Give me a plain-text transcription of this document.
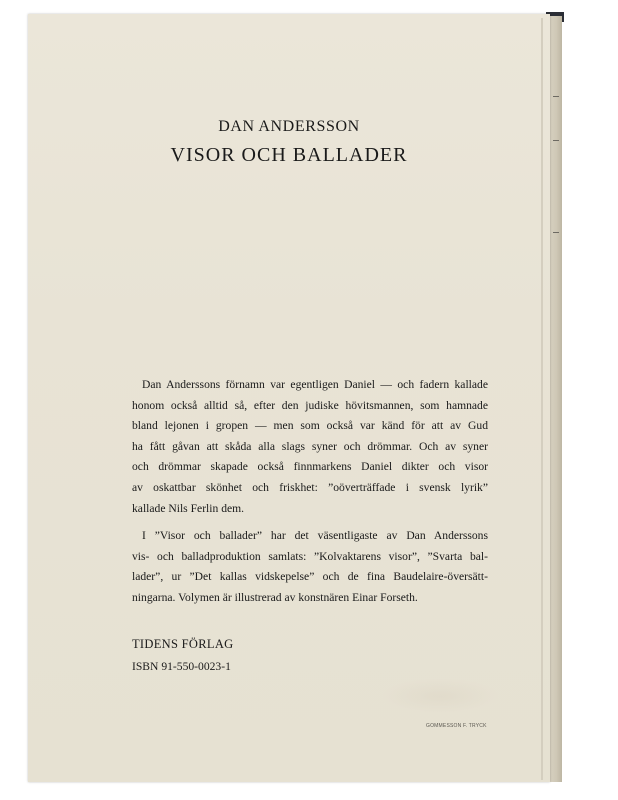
DAN ANDERSSON
VISOR OCH BALLADER

Dan Anderssons förnamn var egentligen Daniel — och fadern kallade
honom också alltid så, efter den judiske hövitsmannen, som hamnade
bland lejonen i gropen — men som också var känd för att av Gud
ha fått gåvan att skåda alla slags syner och drömmar. Och av syner
och drömmar skapade också finnmarkens Daniel dikter och visor
av oskattbar skönhet och friskhet: ”oöverträffade i svensk lyrik”
kallade Nils Ferlin dem.

I ”Visor och ballader” har det väsentligaste av Dan Anderssons
vis- och balladproduktion samlats: ”Kolvaktarens visor”, ”Svarta bal-
lader”, ur ”Det kallas vidskepelse” och de fina Baudelaire-översätt-
ningarna. Volymen är illustrerad av konstnären Einar Forseth.

TIDENS FÖRLAG
ISBN 91-550-0023-1
GOMMESSON F. TRYCK
